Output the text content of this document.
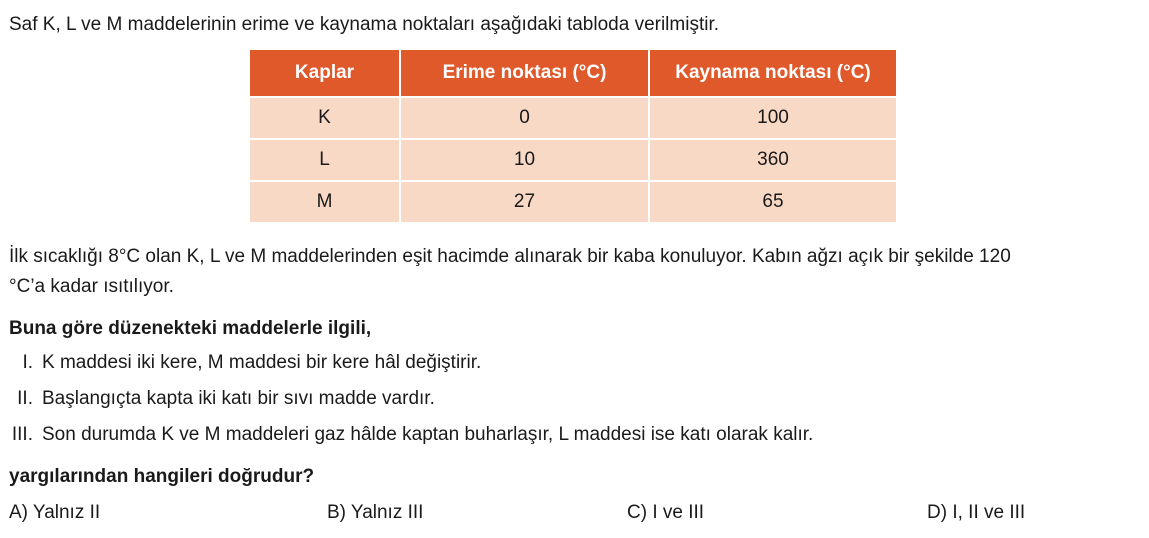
Saf K, L ve M maddelerinin erime ve kaynama noktaları aşağıdaki tabloda verilmiştir.
Kaplar	Erime noktası (°C)	Kaynama noktası (°C)
K	0	100
L	10	360
M	27	65
İlk sıcaklığı 8°C olan K, L ve M maddelerinden eşit hacimde alınarak bir kaba konuluyor. Kabın ağzı açık bir şekilde 120
°C’a kadar ısıtılıyor.
Buna göre düzenekteki maddelerle ilgili,
I. K maddesi iki kere, M maddesi bir kere hâl değiştirir.
II. Başlangıçta kapta iki katı bir sıvı madde vardır.
III. Son durumda K ve M maddeleri gaz hâlde kaptan buharlaşır, L maddesi ise katı olarak kalır.
yargılarından hangileri doğrudur?
A) Yalnız II	B) Yalnız III	C) I ve III	D) I, II ve III
